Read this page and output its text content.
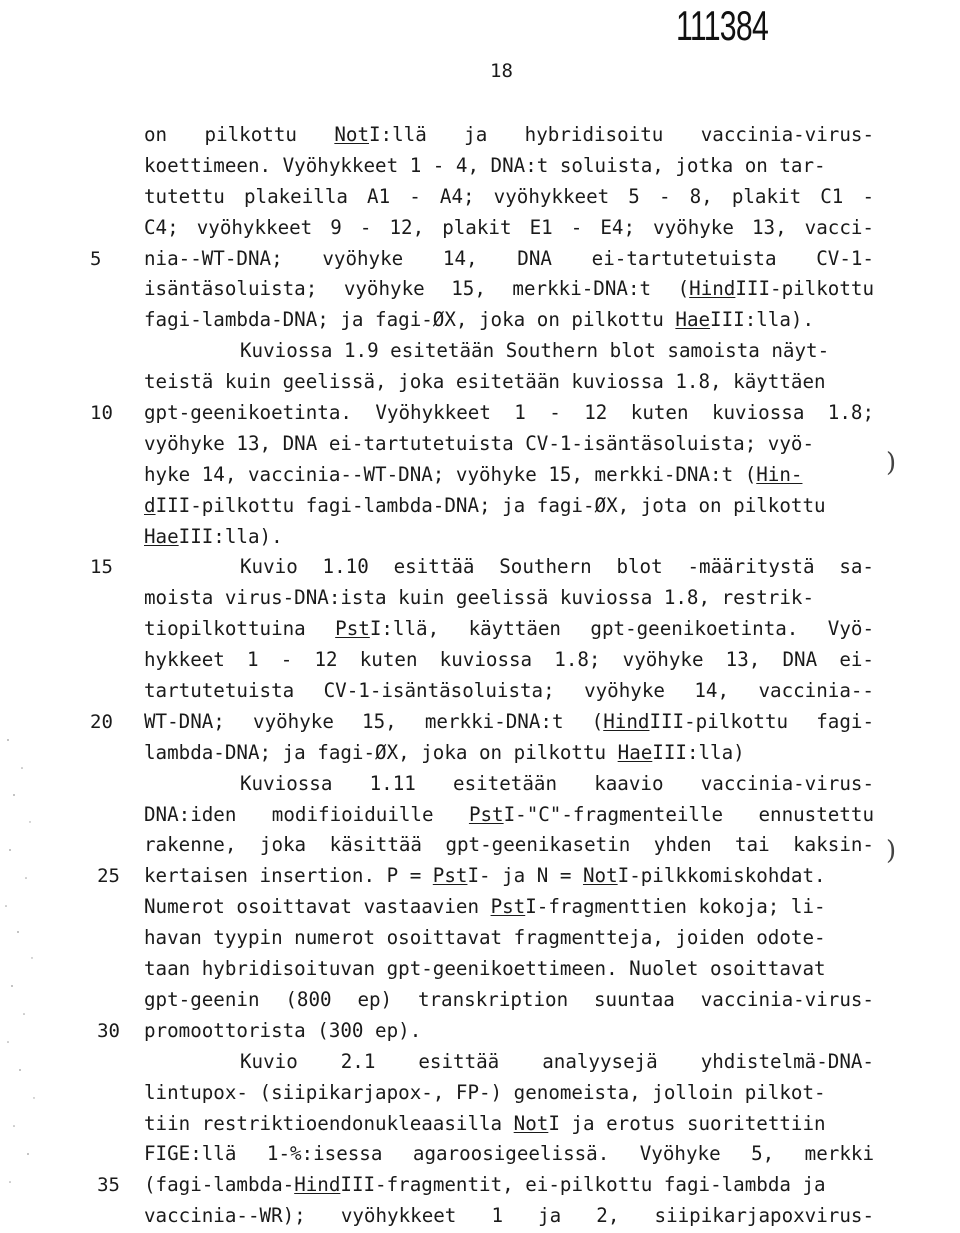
111384
18
on pilkottu NotI:llä ja hybridisoitu vaccinia-virus-
koettimeen. Vyöhykkeet 1 - 4, DNA:t soluista, jotka on tar-
tutettu plakeilla A1 - A4; vyöhykkeet 5 - 8, plakit C1 -
C4; vyöhykkeet 9 - 12, plakit E1 - E4; vyöhyke 13, vacci-
5	nia--WT-DNA; vyöhyke 14, DNA ei-tartutetuista CV-1-
isäntäsoluista; vyöhyke 15, merkki-DNA:t (HindIII-pilkottu
fagi-lambda-DNA; ja fagi-ØX, joka on pilkottu HaeIII:lla).
Kuviossa 1.9 esitetään Southern blot samoista näyt-
teistä kuin geelissä, joka esitetään kuviossa 1.8, käyttäen
10	gpt-geenikoetinta. Vyöhykkeet 1 - 12 kuten kuviossa 1.8;
vyöhyke 13, DNA ei-tartutetuista CV-1-isäntäsoluista; vyö-
hyke 14, vaccinia--WT-DNA; vyöhyke 15, merkki-DNA:t (Hin-
dIII-pilkottu fagi-lambda-DNA; ja fagi-ØX, jota on pilkottu
HaeIII:lla).
15	Kuvio 1.10 esittää Southern blot -määritystä sa-
moista virus-DNA:ista kuin geelissä kuviossa 1.8, restrik-
tiopilkottuina PstI:llä, käyttäen gpt-geenikoetinta. Vyö-
hykkeet 1 - 12 kuten kuviossa 1.8; vyöhyke 13, DNA ei-
tartutetuista CV-1-isäntäsoluista; vyöhyke 14, vaccinia--
20	WT-DNA; vyöhyke 15, merkki-DNA:t (HindIII-pilkottu fagi-
lambda-DNA; ja fagi-ØX, joka on pilkottu HaeIII:lla)
Kuviossa 1.11 esitetään kaavio vaccinia-virus-
DNA:iden modifioiduille PstI-"C"-fragmenteille ennustettu
rakenne, joka käsittää gpt-geenikasetin yhden tai kaksin-
25 kertaisen insertion. P = PstI- ja N = NotI-pilkkomiskohdat.
Numerot osoittavat vastaavien PstI-fragmenttien kokoja; li-
havan tyypin numerot osoittavat fragmentteja, joiden odote-
taan hybridisoituvan gpt-geenikoettimeen. Nuolet osoittavat
gpt-geenin (800 ep) transkription suuntaa vaccinia-virus-
30 promoottorista (300 ep).
Kuvio 2.1 esittää analyysejä yhdistelmä-DNA-
lintupox- (siipikarjapox-, FP-) genomeista, jolloin pilkot-
tiin restriktioendonukleaasilla NotI ja erotus suoritettiin
FIGE:llä 1-%:isessa agaroosigeelissä. Vyöhyke 5, merkki
35 (fagi-lambda-HindIII-fragmentit, ei-pilkottu fagi-lambda ja
vaccinia--WR); vyöhykkeet 1 ja 2, siipikarjapoxvirus-
)
)
